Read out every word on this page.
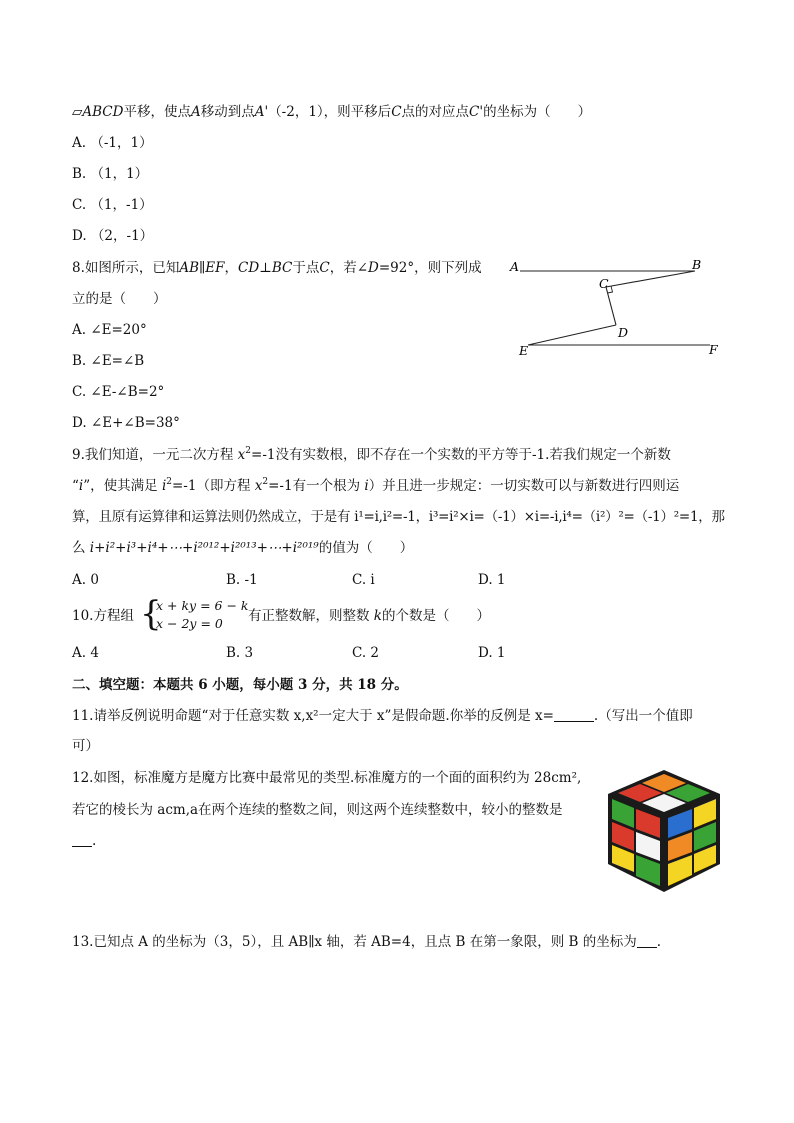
▱ABCD平移，使点A移动到点A'（-2，1），则平移后C点的对应点C'的坐标为（　　）
A. （-1，1）
B. （1，1）
C. （1，-1）
D. （2，-1）
8.如图所示，已知AB∥EF，CD⊥BC于点C，若∠D=92°，则下列成
立的是（　　）
A. ∠E=20°
B. ∠E=∠B
C. ∠E-∠B=2°
D. ∠E+∠B=38°
A	B
C
D
E	F
9.我们知道，一元二次方程 $x^2=-1$没有实数根，即不存在一个实数的平方等于-1.若我们规定一个新数
“i”，使其满足 $i^2=-1$（即方程 $x^2=-1$有一个根为 i）并且进一步规定：一切实数可以与新数进行四则运
算，且原有运算律和运算法则仍然成立，于是有 i¹=i,i²=-1，i³=i²×i=（-1）×i=-i,i⁴=（i²）²=（-1）²=1，那
么 i+i²+i³+i⁴+⋯+i²⁰¹²+i²⁰¹³+⋯+i²⁰¹⁹的值为（　　）
A. 0	B. -1	C. i	D. 1
10.方程组 {
x + ky = 6 − k
x − 2y = 0 有正整数解，则整数 k的个数是（　　）
A. 4	B. 3	C. 2	D. 1
二、填空题：本题共 6 小题，每小题 3 分，共 18 分。
11.请举反例说明命题“对于任意实数 x,x²一定大于 x”是假命题.你举的反例是 x=	.（写出一个值即
可）
12.如图，标准魔方是魔方比赛中最常见的类型.标准魔方的一个面的面积约为 28cm²,
若它的棱长为 acm,a在两个连续的整数之间，则这两个连续整数中，较小的整数是
.
13.已知点 A 的坐标为（3，5），且 AB∥x 轴，若 AB=4，且点 B 在第一象限，则 B 的坐标为 .
